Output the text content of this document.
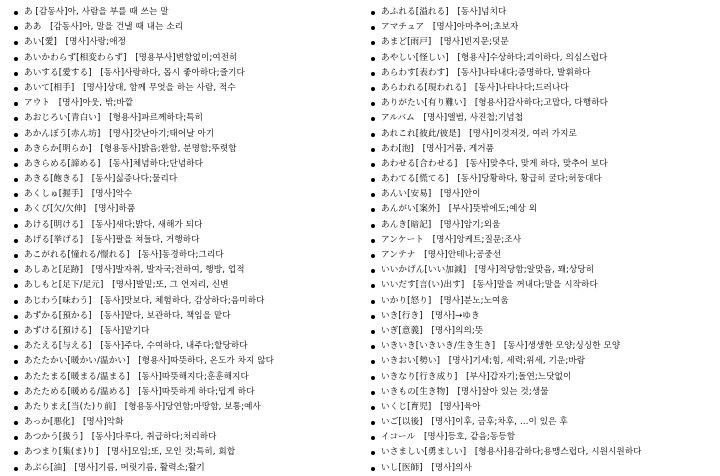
あ [감동사]아, 사람을 부를 때 쓰는 말
ああ　[감동사]아, 말을 건낼 때 내는 소리
あい[愛]　[명사]사랑;애정
あいかわらず[相変わらず]　[명용부사]변함없이;여전히
あいする[愛する]　[동사]사랑하다, 몹시 좋아하다;즐기다
あいて[相手]　[명사]상대, 함께 무엇을 하는 사람, 적수
アウト　[명사]아웃, 밖;바깥
あおじろい[青白い]　[형용사]파르께하다;특히
あかんぼう[赤ん坊]　[명사]갓난아기;태어날 아기
あきらか[明らか]　[형용동사]밝음;환함, 분명함;뚜렷함
あきらめる[諦める]　[동사]체념하다;단념하다
あきる[飽きる]　[동사]싫증나다;물리다
あくしゅ[握手]　[명사]악수
あくび[欠/欠伸]　[명사]하품
あける[明ける]　[동사]새다;밝다, 새해가 되다
あげる[挙げる]　[동사]팔을 쳐들다, 거행하다
あこがれる[憧れる/憬れる]　[동사]동경하다;그리다
あしあと[足跡]　[명사]발자취, 발자국;전하여, 행방, 업적
あしもと[足下/足元]　[명사]발밑;또, 그 언저리, 신변
あじわう[味わう]　[동사]맛보다, 체험하다, 감상하다;음미하다
あずかる[預かる]　[동사]맡다, 보관하다, 책임을 맡다
あずける[預ける]　[동사]맡기다
あたえる[与える]　[동사]주다, 수여하다, 내주다;할당하다
あたたかい[暖かい/温かい]　[형용사]따뜻하다, 온도가 차지 않다
あたたまる[暖まる/温まる]　[동사]따뜻해지다;훈훈해지다
あたためる[暖める/温める]　[동사]따뜻하게 하다;덥게 하다
あたりまえ[当(た)り前]　[형용동사]당연함;마땅함, 보통;예사
あっか[悪化]　[명사]악화
あつかう[扱う]　[동사]다루다, 취급하다;처리하다
あつまり[集(ま)り]　[명사]모임;또, 모인 것;특히, 회합
あぶら[油]　[명사]기름, 머릿기름, 활력소;활기
あふれる[溢れる]　[동사]넘치다
アマチュア　[명사]아마추어;초보자
あまど[雨戸]　[명사]빈지문;덧문
あやしい[怪しい]　[형용사]수상하다;괴이하다, 의심스럽다
あらわす[表わす]　[동사]나타내다;증명하다, 발휘하다
あらわれる[現われる]　[동사]나타나다;드러나다
ありがたい[有り難い]　[형용사]감사하다;고맙다, 다행하다
アルバム　[명사]앨범, 사진첩;기념첩
あれこれ[彼此/彼是]　[명사]이것저것, 여러 가지로
あわ[泡]　[명사]거품, 게거품
あわせる[合わせる]　[동사]맞추다, 맞게 하다, 맞추어 보다
あわてる[慌てる]　[동사]당황하다, 황급히 굴다;허둥대다
あんい[安易]　[명사]안이
あんがい[案外]　[부사]뜻밖에도;예상 외
あんき[暗記]　[명사]암기;외움
アンケート　[명사]앙케트;질문;조사
アンテナ　[명사]안테나;공중선
いいかげん[いい加減]　[명사]적당함;알맞음, 꽤;상당히
いいだす[言(い)出す]　[동사]말을 꺼내다;말을 시작하다
いかり[怒り]　[명사]분노;노여움
いき[行き]　[명사]→ゆき
いぎ[意義]　[명사]의의;뜻
いきいき[いきいき/生き生き]　[동사]생생한 모양;싱싱한 모양
いきおい[勢い]　[명사]기세;힘, 세력;위세, 기운;바람
いきなり[行き成り]　[부사]갑자기;돌연;느닷없이
いきもの[生き物]　[명사]살아 있는 것;생물
いくじ[育児]　[명사]육아
いご[以後]　[명사]이후, 금후;차후, …이 있은 후
イコール　[명사]등호, 같음;동등함
いさましい[勇ましい]　[형용사]용감하다;용맹스럽다, 시원시원하다
いし[医師]　[명사]의사
